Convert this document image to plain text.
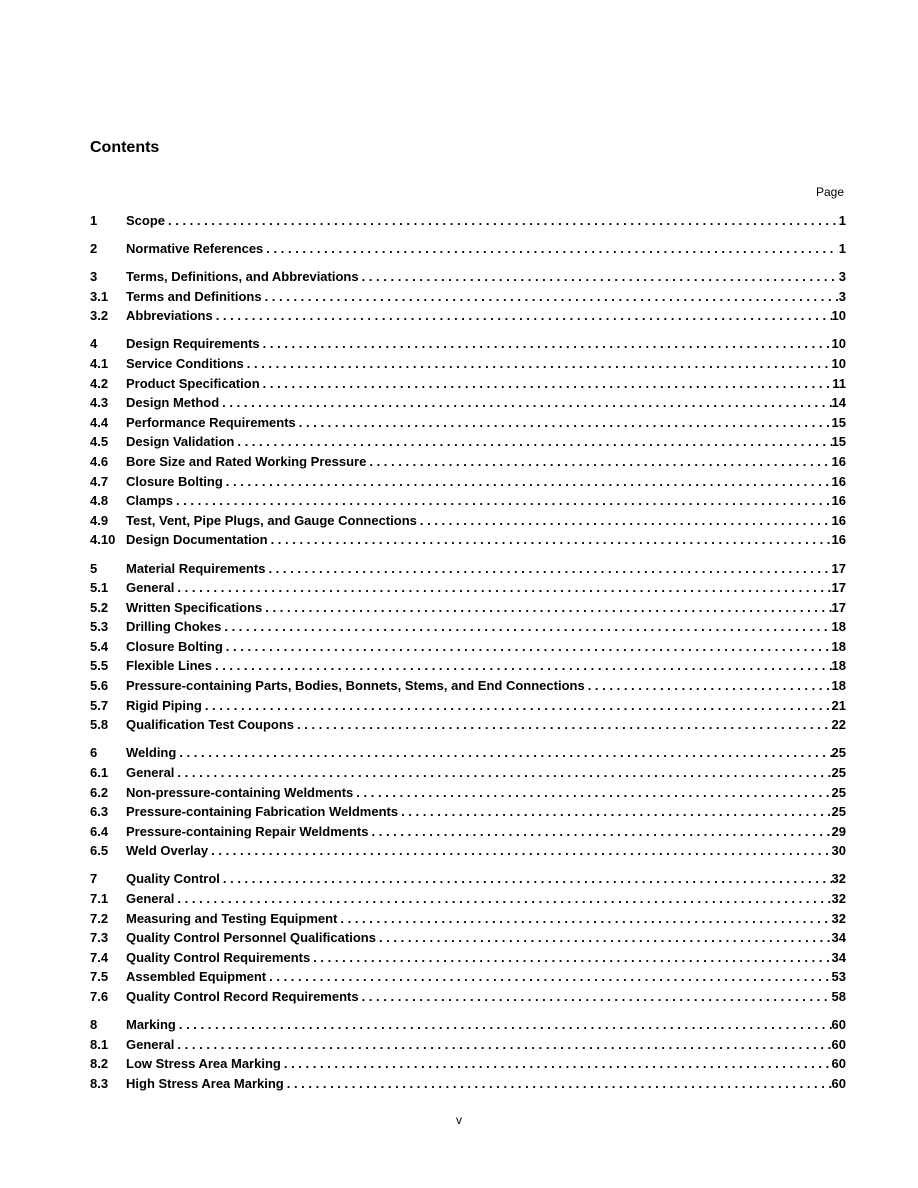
Contents
Page
1	Scope . . .	1
2	Normative References . . .	1
3	Terms, Definitions, and Abbreviations . . .	3
3.1	Terms and Definitions . . .	3
3.2	Abbreviations . . .	10
4	Design Requirements . . .	10
4.1	Service Conditions . . .	10
4.2	Product Specification . . .	11
4.3	Design Method . . .	14
4.4	Performance Requirements . . .	15
4.5	Design Validation . . .	15
4.6	Bore Size and Rated Working Pressure . . .	16
4.7	Closure Bolting . . .	16
4.8	Clamps . . .	16
4.9	Test, Vent, Pipe Plugs, and Gauge Connections . . .	16
4.10 Design Documentation . . .	16
5	Material Requirements . . .	17
5.1	General . . .	17
5.2	Written Specifications . . .	17
5.3	Drilling Chokes . . .	18
5.4	Closure Bolting . . .	18
5.5	Flexible Lines . . .	18
5.6	Pressure-containing Parts, Bodies, Bonnets, Stems, and End Connections . . .	18
5.7	Rigid Piping . . .	21
5.8	Qualification Test Coupons . . .	22
6	Welding . . .	25
6.1	General . . .	25
6.2	Non-pressure-containing Weldments . . .	25
6.3	Pressure-containing Fabrication Weldments . . .	25
6.4	Pressure-containing Repair Weldments . . .	29
6.5	Weld Overlay . . .	30
7	Quality Control . . .	32
7.1	General . . .	32
7.2	Measuring and Testing Equipment . . .	32
7.3	Quality Control Personnel Qualifications . . .	34
7.4	Quality Control Requirements . . .	34
7.5	Assembled Equipment . . .	53
7.6	Quality Control Record Requirements . . .	58
8	Marking . . .	60
8.1	General . . .	60
8.2	Low Stress Area Marking . . .	60
8.3	High Stress Area Marking . . .	60
v
